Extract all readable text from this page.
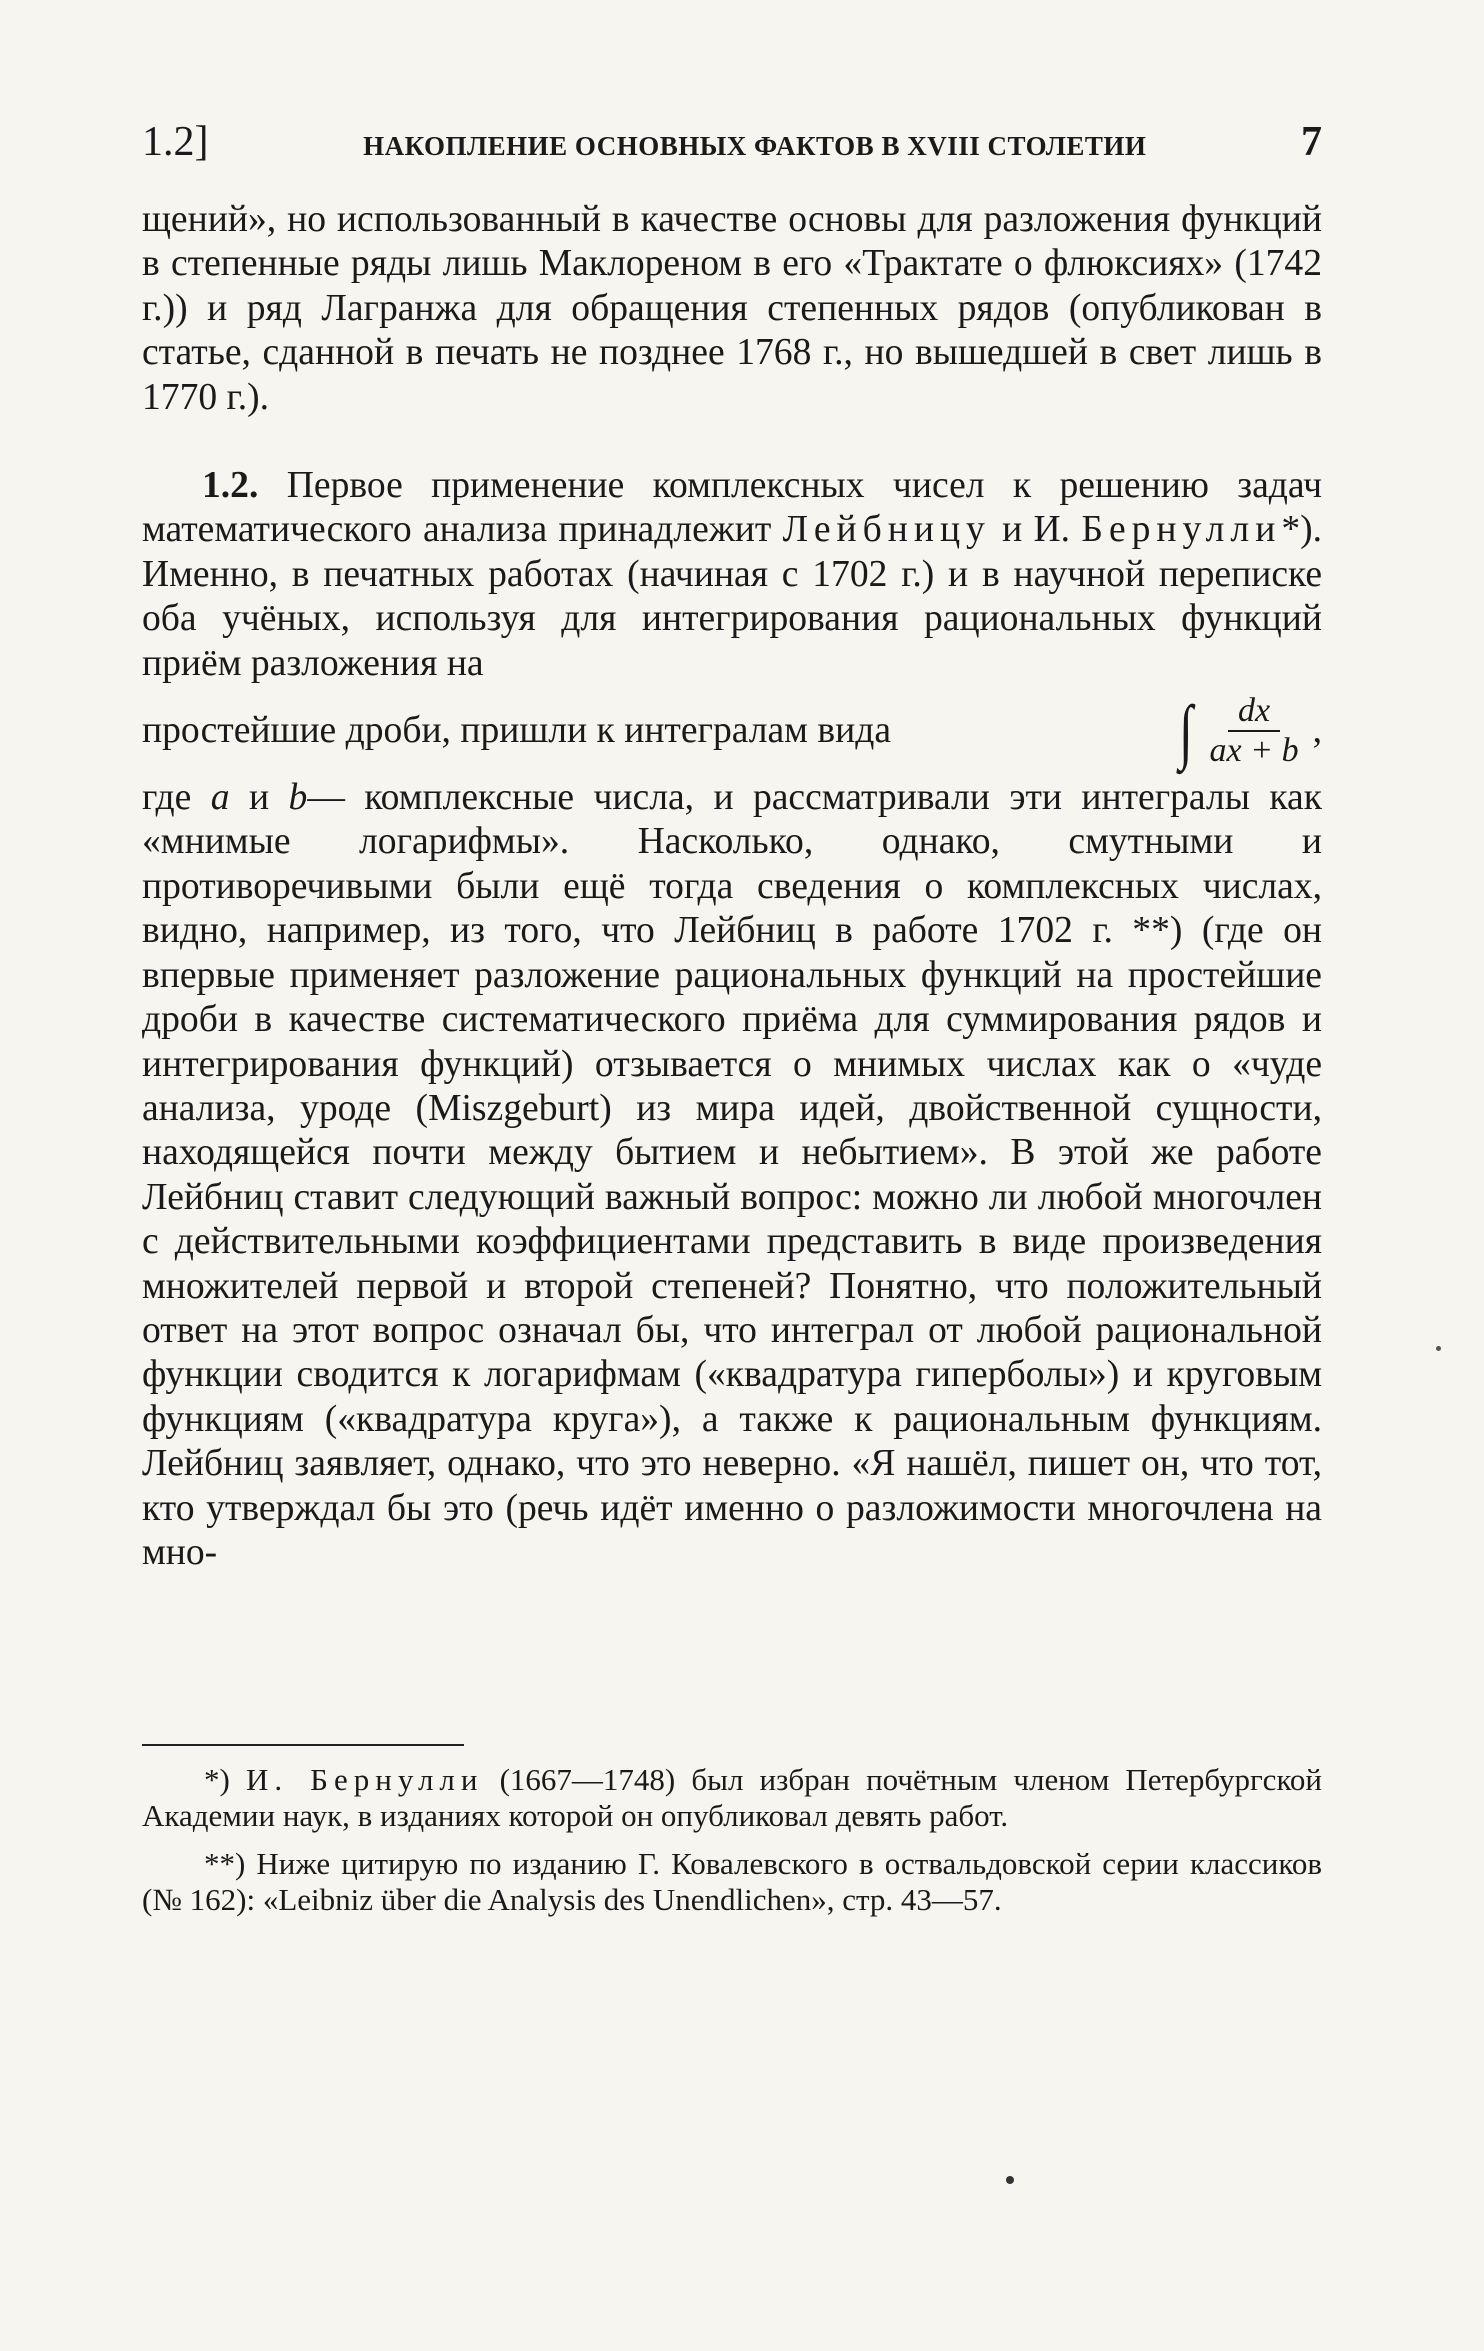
1.2]	НАКОПЛЕНИЕ ОСНОВНЫХ ФАКТОВ В XVIII СТОЛЕТИИ	7

щений», но использованный в качестве основы для разложения функций в степенные ряды лишь Маклореном в его «Трактате о флюксиях» (1742 г.)) и ряд Лагранжа для обращения степенных рядов (опубликован в статье, сданной в печать не позднее 1768 г., но вышедшей в свет лишь в 1770 г.).

1.2. Первое применение комплексных чисел к решению задач математического анализа принадлежит Лейбницу и И. Бернулли*). Именно, в печатных работах (начиная с 1702 г.) и в научной переписке оба учёных, используя для интегрирования рациональных функций приём разложения на

простейшие дроби, пришли к интегралам вида	∫ $\frac{dx}{ax + b}$ ,

где a и b— комплексные числа, и рассматривали эти интегралы как «мнимые логарифмы». Насколько, однако, смутными и противоречивыми были ещё тогда сведения о комплексных числах, видно, например, из того, что Лейбниц в работе 1702 г. **) (где он впервые применяет разложение рациональных функций на простейшие дроби в качестве систематического приёма для суммирования рядов и интегрирования функций) отзывается о мнимых числах как о «чуде анализа, уроде (Miszgeburt) из мира идей, двойственной сущности, находящейся почти между бытием и небытием». В этой же работе Лейбниц ставит следующий важный вопрос: можно ли любой многочлен с действительными коэффициентами представить в виде произведения множителей первой и второй степеней? Понятно, что положительный ответ на этот вопрос означал бы, что интеграл от любой рациональной функции сводится к логарифмам («квадратура гиперболы») и круговым функциям («квадратура круга»), а также к рациональным функциям. Лейбниц заявляет, однако, что это неверно. «Я нашёл, пишет он, что тот, кто утверждал бы это (речь идёт именно о разложимости многочлена на мно-

*) И. Бернулли (1667—1748) был избран почётным членом Петербургской Академии наук, в изданиях которой он опубликовал девять работ.

**) Ниже цитирую по изданию Г. Ковалевского в оствальдовской серии классиков (№ 162): «Leibniz über die Analysis des Unendlichen», стр. 43—57.
